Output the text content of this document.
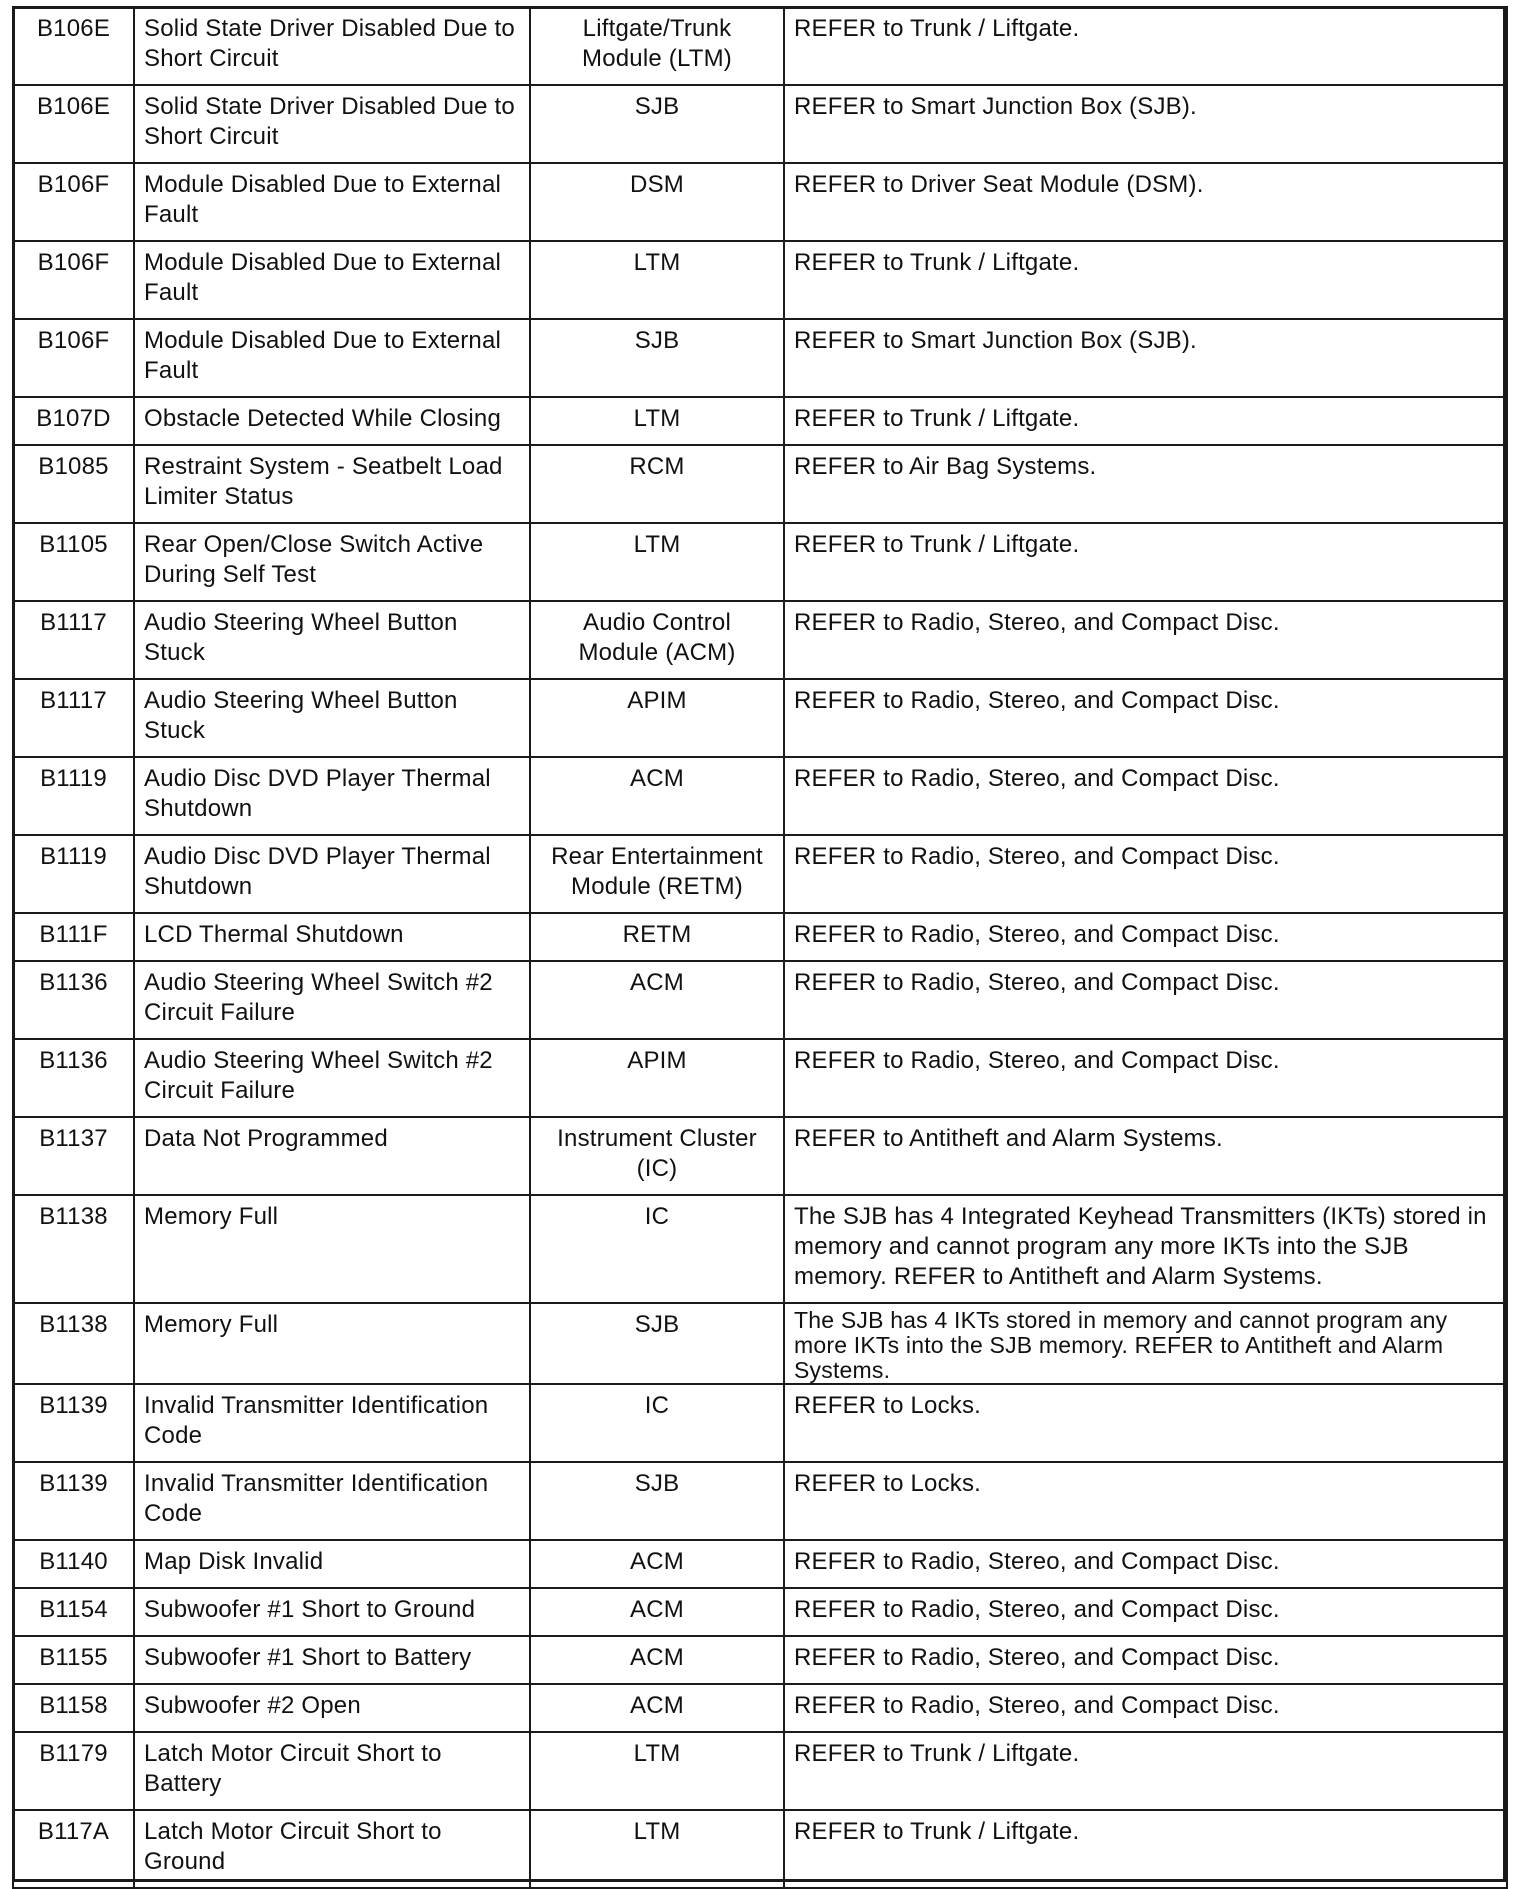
B106E	Solid State Driver Disabled Due to Short Circuit	Liftgate/Trunk Module (LTM)	REFER to Trunk / Liftgate.
B106E	Solid State Driver Disabled Due to Short Circuit	SJB	REFER to Smart Junction Box (SJB).
B106F	Module Disabled Due to External Fault	DSM	REFER to Driver Seat Module (DSM).
B106F	Module Disabled Due to External Fault	LTM	REFER to Trunk / Liftgate.
B106F	Module Disabled Due to External Fault	SJB	REFER to Smart Junction Box (SJB).
B107D	Obstacle Detected While Closing	LTM	REFER to Trunk / Liftgate.
B1085	Restraint System - Seatbelt Load Limiter Status	RCM	REFER to Air Bag Systems.
B1105	Rear Open/Close Switch Active During Self Test	LTM	REFER to Trunk / Liftgate.
B1117	Audio Steering Wheel Button Stuck	Audio Control Module (ACM)	REFER to Radio, Stereo, and Compact Disc.
B1117	Audio Steering Wheel Button Stuck	APIM	REFER to Radio, Stereo, and Compact Disc.
B1119	Audio Disc DVD Player Thermal Shutdown	ACM	REFER to Radio, Stereo, and Compact Disc.
B1119	Audio Disc DVD Player Thermal Shutdown	Rear Entertainment Module (RETM)	REFER to Radio, Stereo, and Compact Disc.
B111F	LCD Thermal Shutdown	RETM	REFER to Radio, Stereo, and Compact Disc.
B1136	Audio Steering Wheel Switch #2 Circuit Failure	ACM	REFER to Radio, Stereo, and Compact Disc.
B1136	Audio Steering Wheel Switch #2 Circuit Failure	APIM	REFER to Radio, Stereo, and Compact Disc.
B1137	Data Not Programmed	Instrument Cluster (IC)	REFER to Antitheft and Alarm Systems.
B1138	Memory Full	IC	The SJB has 4 Integrated Keyhead Transmitters (IKTs) stored in memory and cannot program any more IKTs into the SJB memory. REFER to Antitheft and Alarm Systems.
B1138	Memory Full	SJB	The SJB has 4 IKTs stored in memory and cannot program any more IKTs into the SJB memory. REFER to Antitheft and Alarm Systems.
B1139	Invalid Transmitter Identification Code	IC	REFER to Locks.
B1139	Invalid Transmitter Identification Code	SJB	REFER to Locks.
B1140	Map Disk Invalid	ACM	REFER to Radio, Stereo, and Compact Disc.
B1154	Subwoofer #1 Short to Ground	ACM	REFER to Radio, Stereo, and Compact Disc.
B1155	Subwoofer #1 Short to Battery	ACM	REFER to Radio, Stereo, and Compact Disc.
B1158	Subwoofer #2 Open	ACM	REFER to Radio, Stereo, and Compact Disc.
B1179	Latch Motor Circuit Short to Battery	LTM	REFER to Trunk / Liftgate.
B117A	Latch Motor Circuit Short to Ground	LTM	REFER to Trunk / Liftgate.
